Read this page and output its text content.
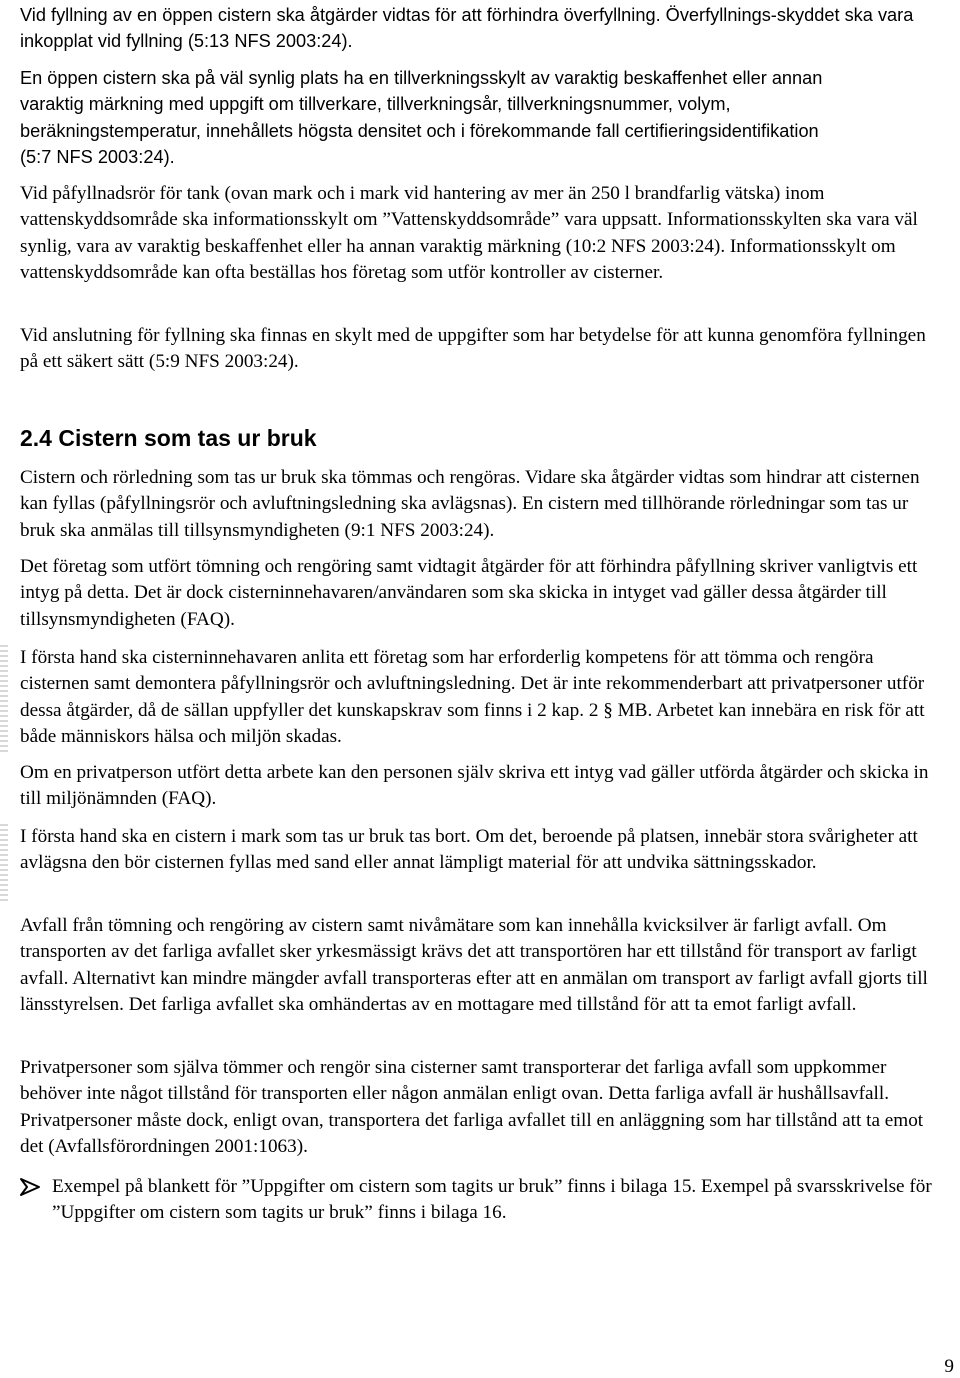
Vid fyllning av en öppen cistern ska åtgärder vidtas för att förhindra överfyllning. Överfyllnings-skyddet ska vara inkopplat vid fyllning (5:13 NFS 2003:24).

En öppen cistern ska på väl synlig plats ha en tillverkningsskylt av varaktig beskaffenhet eller annan

varaktig märkning med uppgift om tillverkare, tillverkningsår, tillverkningsnummer, volym,

beräkningstemperatur, innehållets högsta densitet och i förekommande fall certifieringsidentifikation

(5:7 NFS 2003:24).

Vid påfyllnadsrör för tank (ovan mark och i mark vid hantering av mer än 250 l brandfarlig vätska) inom vattenskyddsområde ska informationsskylt om ”Vattenskyddsområde” vara uppsatt. Informationsskylten ska vara väl synlig, vara av varaktig beskaffenhet eller ha annan varaktig märkning (10:2 NFS 2003:24). Informationsskylt om vattenskyddsområde kan ofta beställas hos företag som utför kontroller av cisterner.

Vid anslutning för fyllning ska finnas en skylt med de uppgifter som har betydelse för att kunna genomföra fyllningen på ett säkert sätt (5:9 NFS 2003:24).

2.4 Cistern som tas ur bruk

Cistern och rörledning som tas ur bruk ska tömmas och rengöras. Vidare ska åtgärder vidtas som hindrar att cisternen kan fyllas (påfyllningsrör och avluftningsledning ska avlägsnas). En cistern med tillhörande rörledningar som tas ur bruk ska anmälas till tillsynsmyndigheten (9:1 NFS 2003:24).

Det företag som utfört tömning och rengöring samt vidtagit åtgärder för att förhindra påfyllning skriver vanligtvis ett intyg på detta. Det är dock cisterninnehavaren/användaren som ska skicka in intyget vad gäller dessa åtgärder till tillsynsmyndigheten (FAQ).

I första hand ska cisterninnehavaren anlita ett företag som har erforderlig kompetens för att tömma och rengöra cisternen samt demontera påfyllningsrör och avluftningsledning. Det är inte rekommenderbart att privatpersoner utför dessa åtgärder, då de sällan uppfyller det kunskapskrav som finns i 2 kap. 2 § MB. Arbetet kan innebära en risk för att både människors hälsa och miljön skadas.

Om en privatperson utfört detta arbete kan den personen själv skriva ett intyg vad gäller utförda åtgärder och skicka in till miljönämnden (FAQ).

I första hand ska en cistern i mark som tas ur bruk tas bort. Om det, beroende på platsen, innebär stora svårigheter att avlägsna den bör cisternen fyllas med sand eller annat lämpligt material för att undvika sättningsskador.

Avfall från tömning och rengöring av cistern samt nivåmätare som kan innehålla kvicksilver är farligt avfall. Om transporten av det farliga avfallet sker yrkesmässigt krävs det att transportören har ett tillstånd för transport av farligt avfall. Alternativt kan mindre mängder avfall transporteras efter att en anmälan om transport av farligt avfall gjorts till länsstyrelsen. Det farliga avfallet ska omhändertas av en mottagare med tillstånd för att ta emot farligt avfall.

Privatpersoner som själva tömmer och rengör sina cisterner samt transporterar det farliga avfall som uppkommer behöver inte något tillstånd för transporten eller någon anmälan enligt ovan. Detta farliga avfall är hushållsavfall. Privatpersoner måste dock, enligt ovan, transportera det farliga avfallet till en anläggning som har tillstånd att ta emot det (Avfallsförordningen 2001:1063).

Exempel på blankett för ”Uppgifter om cistern som tagits ur bruk” finns i bilaga 15. Exempel på svarsskrivelse för ”Uppgifter om cistern som tagits ur bruk” finns i bilaga 16.

9
